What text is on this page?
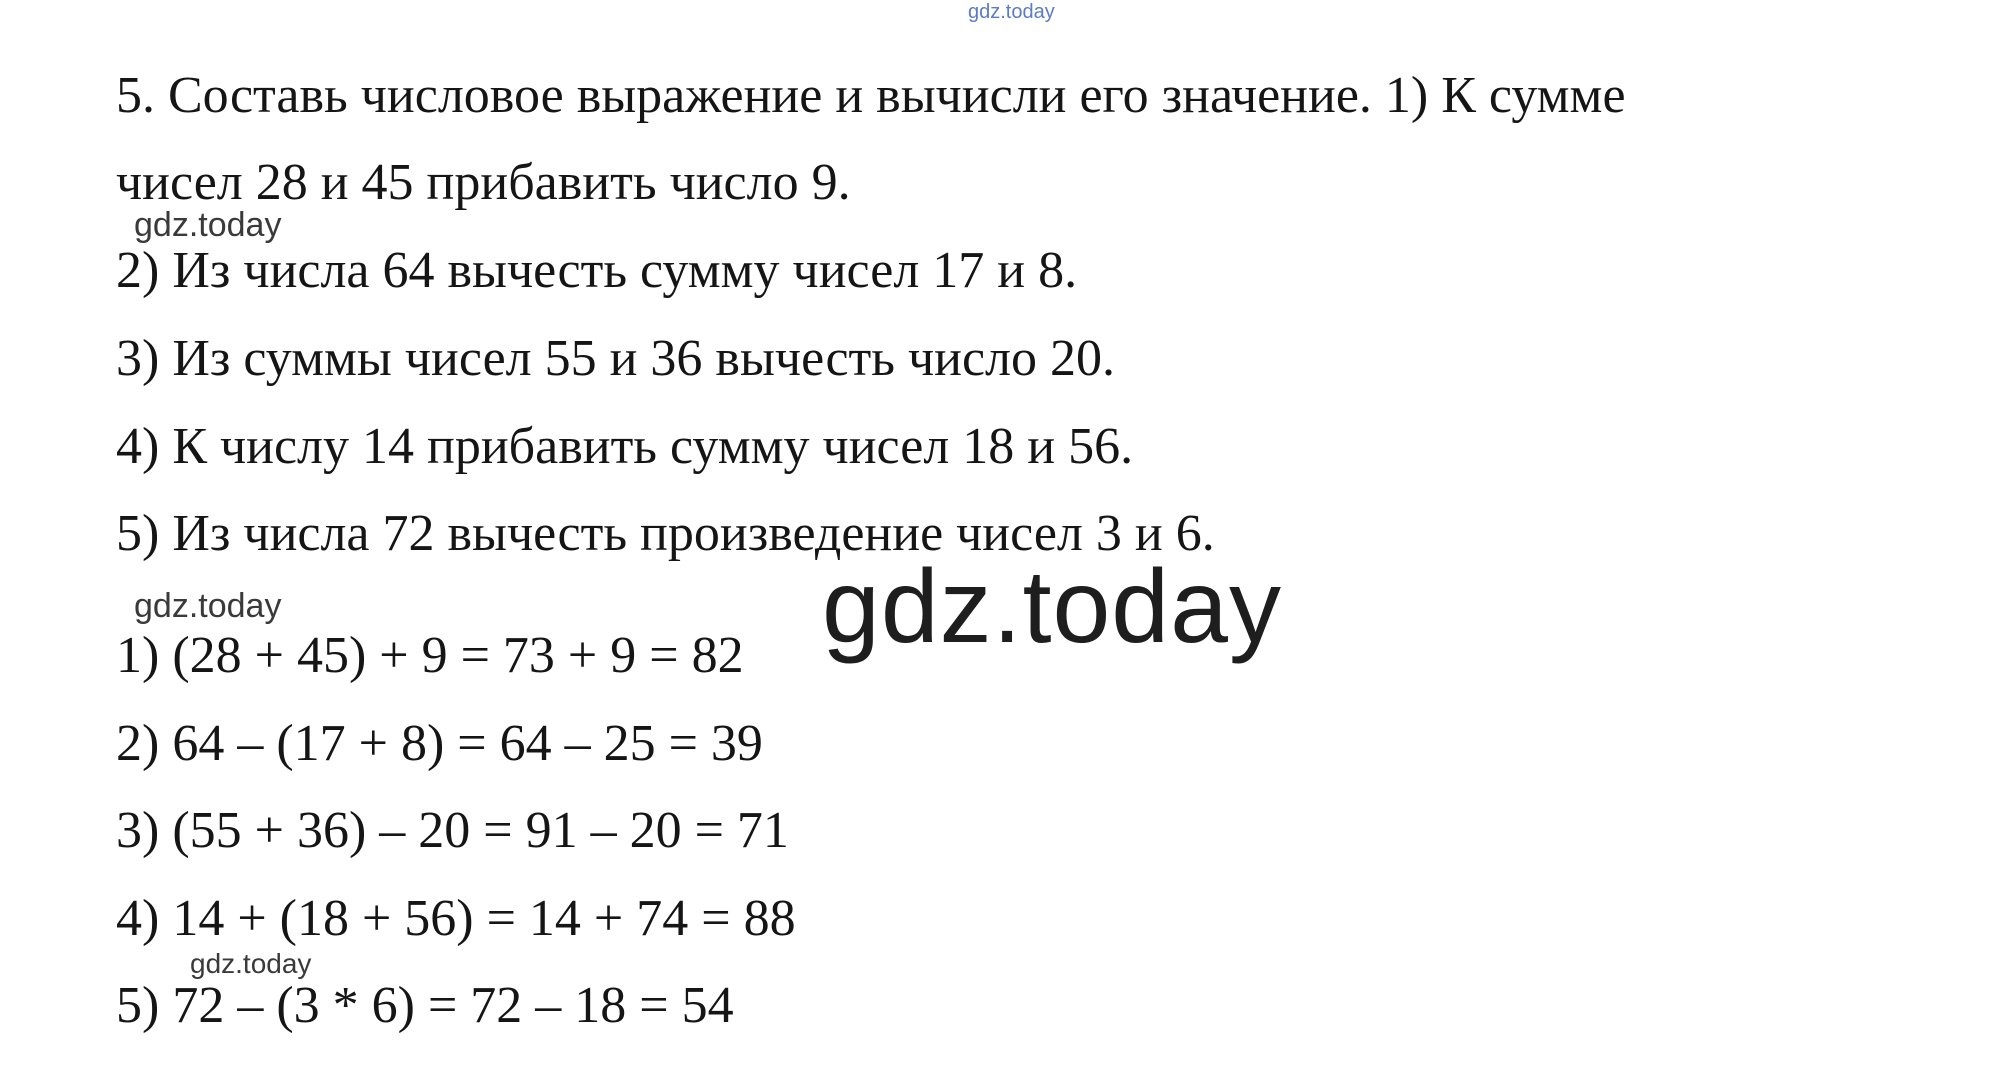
gdz.today

5. Составь числовое выражение и вычисли его значение. 1) К сумме

чисел 28 и 45 прибавить число 9.

gdz.today

2) Из числа 64 вычесть сумму чисел 17 и 8.

3) Из суммы чисел 55 и 36 вычесть число 20.

4) К числу 14 прибавить сумму чисел 18 и 56.

5) Из числа 72 вычесть произведение чисел 3 и 6.

gdz.today

1) (28 + 45) + 9 = 73 + 9 = 82 gdz.today

2) 64 – (17 + 8) = 64 – 25 = 39

3) (55 + 36) – 20 = 91 – 20 = 71

4) 14 + (18 + 56) = 14 + 74 = 88

gdz.today

5) 72 – (3 * 6) = 72 – 18 = 54
